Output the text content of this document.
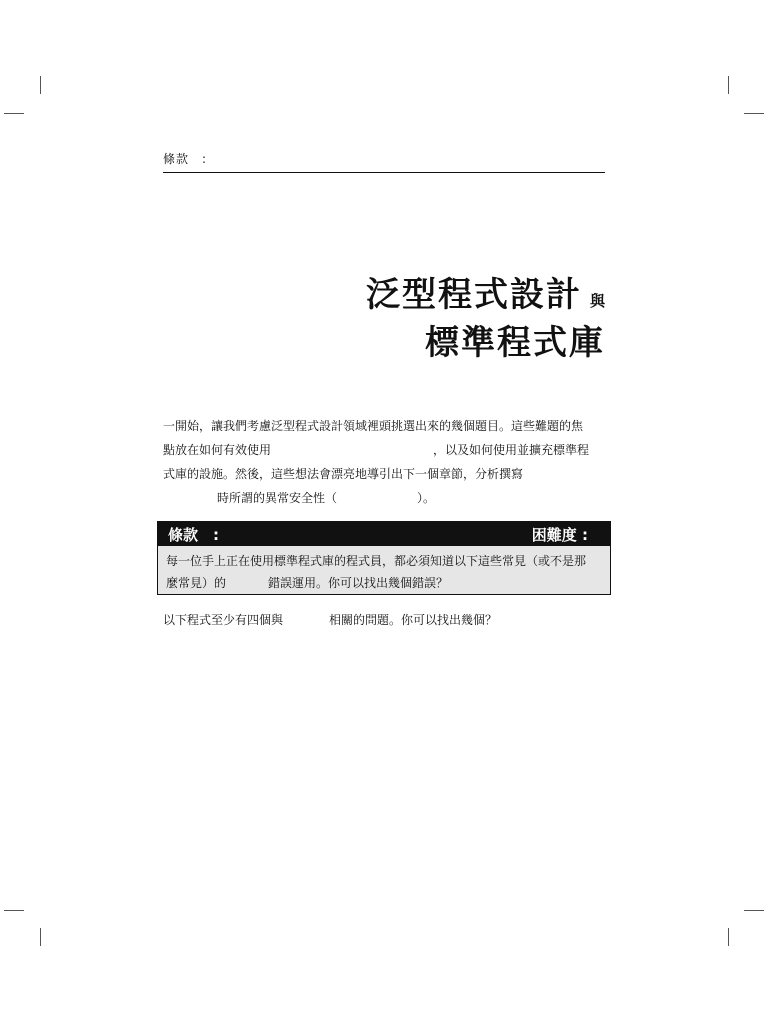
條款　:
泛型程式設計 與
標準程式庫

一開始，讓我們考慮泛型程式設計領域裡頭挑選出來的幾個題目。這些難題的焦

點放在如何有效使用	，以及如何使用並擴充標準程

式庫的設施。然後，這些想法會漂亮地導引出下一個章節，分析撰寫

時所謂的異常安全性（	）。

條款　:	困難度 :

每一位手上正在使用標準程式庫的程式員，都必須知道以下這些常見（或不是那

麼常見）的	錯誤運用。你可以找出幾個錯誤？

以下程式至少有四個與	相關的問題。你可以找出幾個？
